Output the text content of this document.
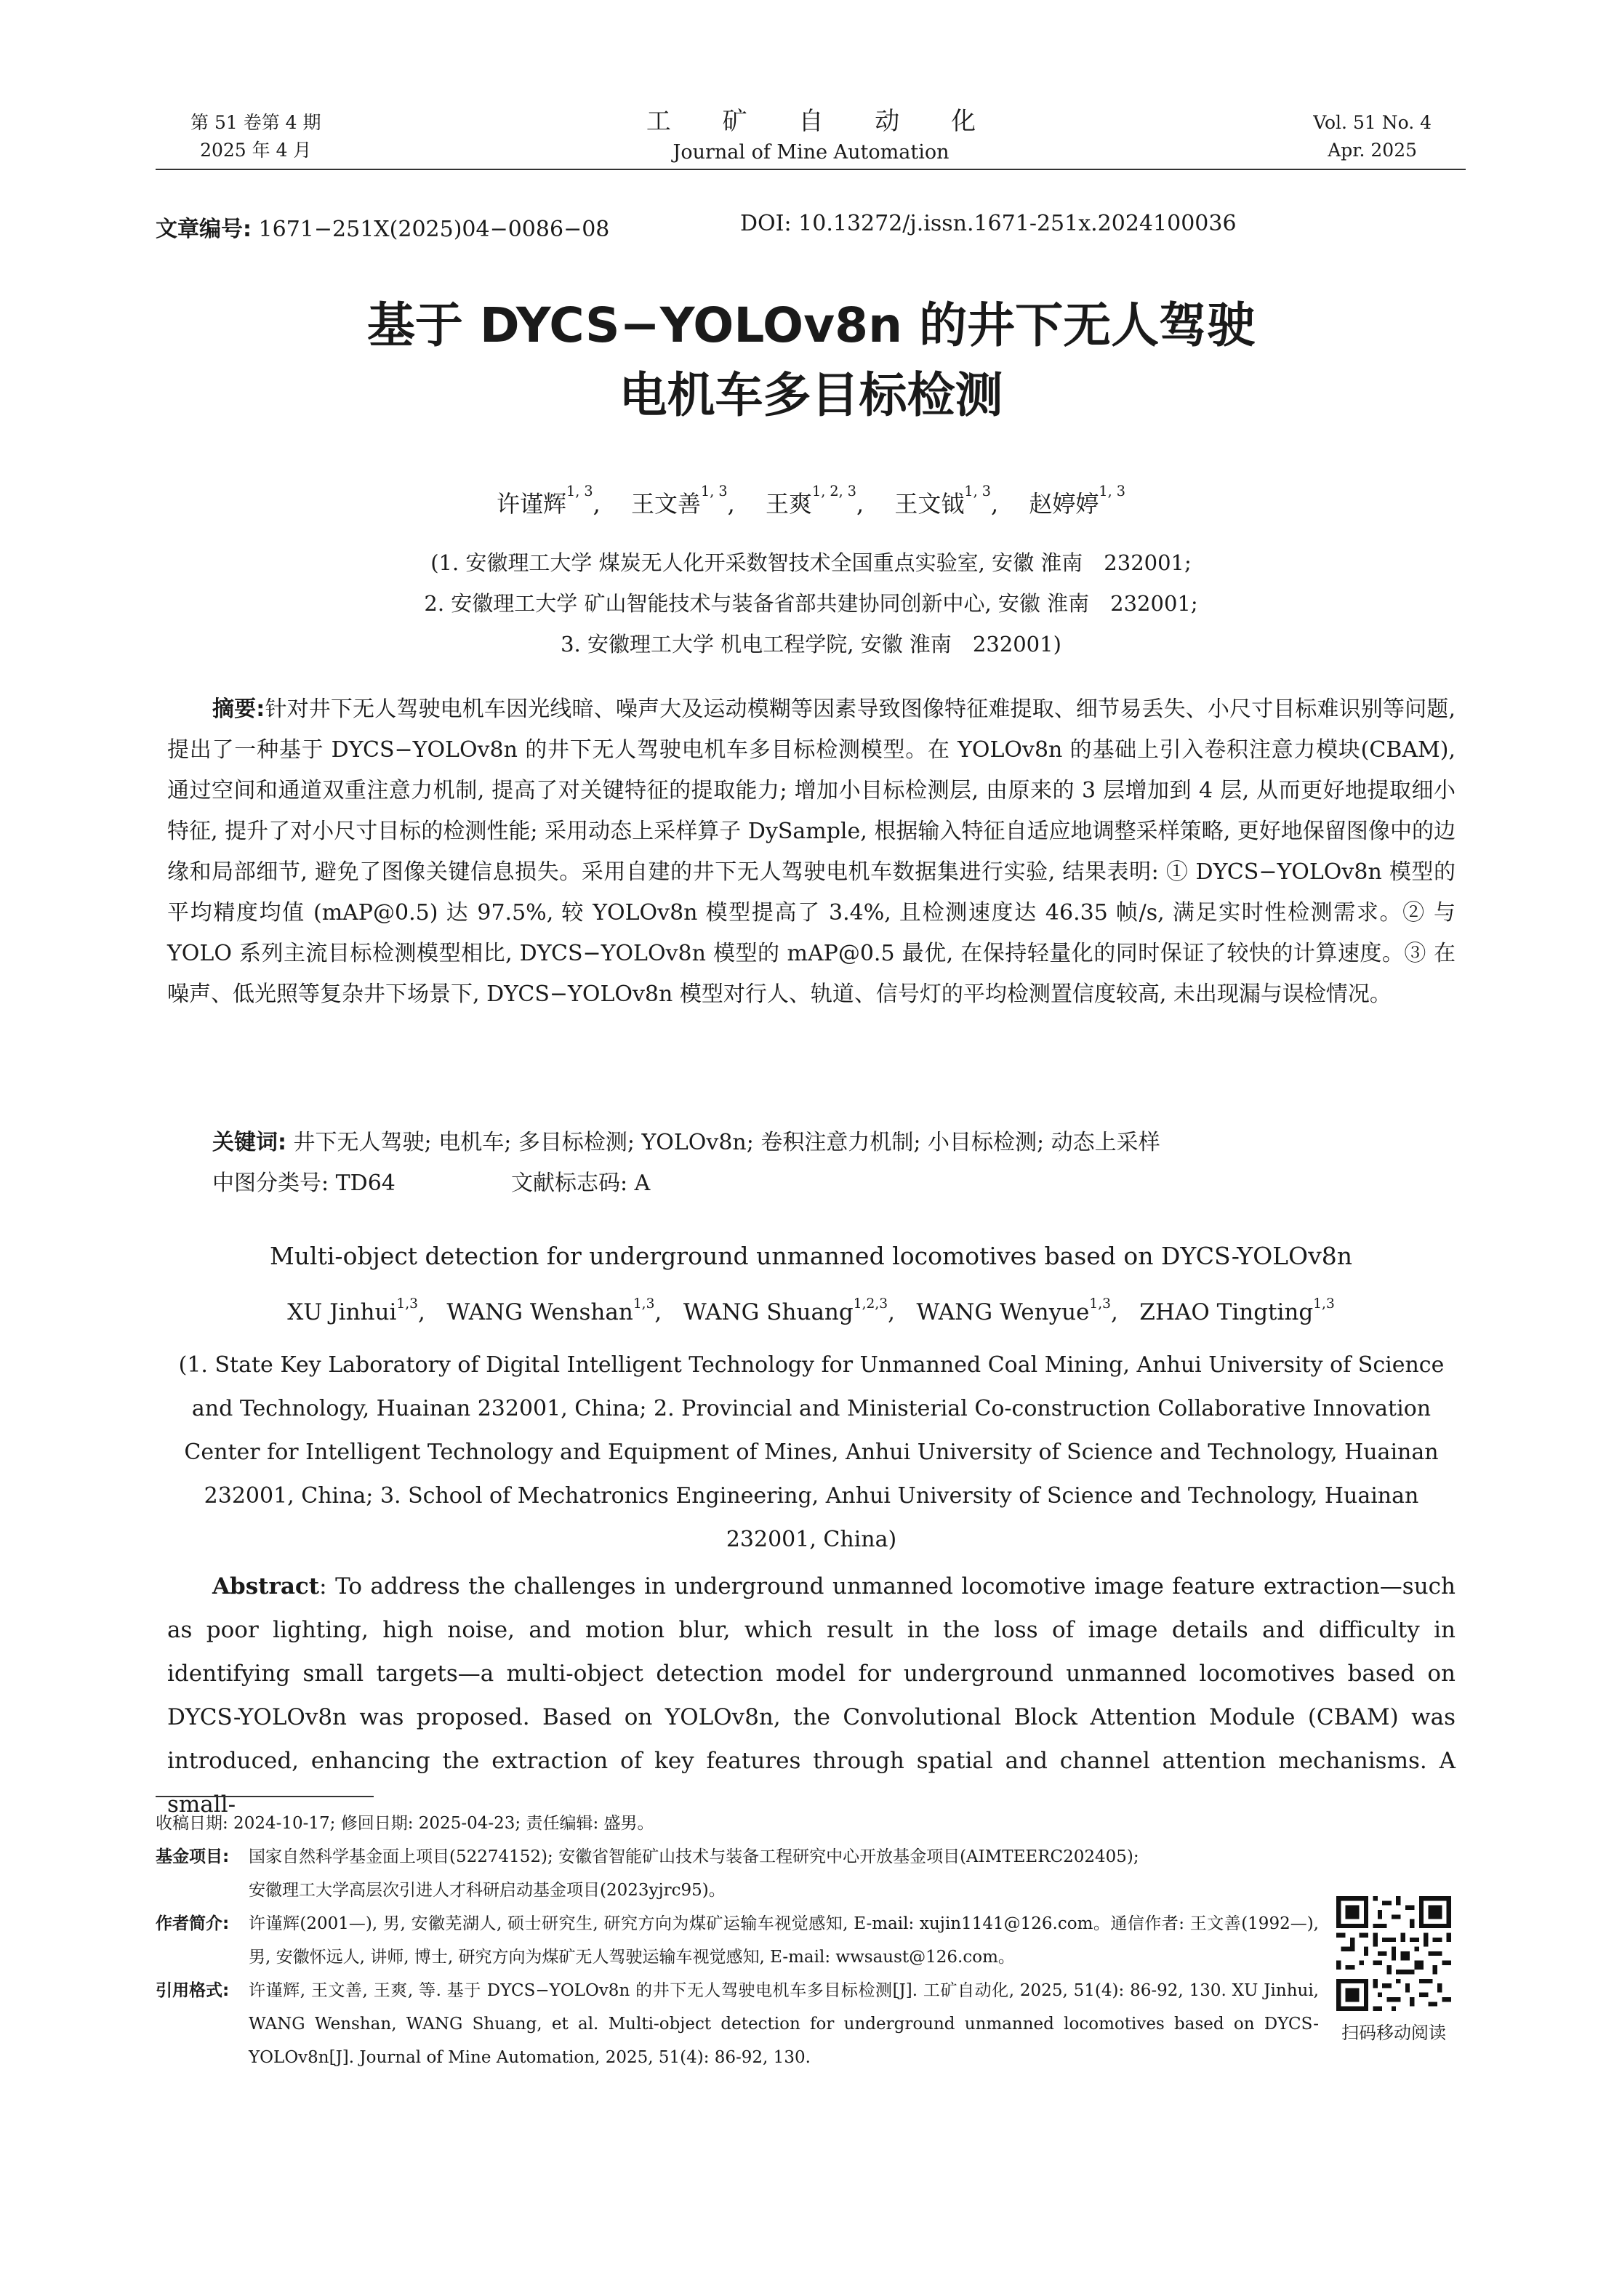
第 51 卷第 4 期
2025 年 4 月
工 矿 自 动 化
Journal of Mine Automation
Vol. 51 No. 4
Apr. 2025
文章编号: 1671−251X(2025)04−0086−08	DOI: 10.13272/j.issn.1671-251x.2024100036
基于 DYCS−YOLOv8n 的井下无人驾驶
电机车多目标检测
许谨辉$^{1, 3}$,　 王文善$^{1, 3}$,　 王爽$^{1, 2, 3}$,　 王文钺$^{1, 3}$,　 赵婷婷$^{1, 3}$
(1. 安徽理工大学 煤炭无人化开采数智技术全国重点实验室, 安徽 淮南　232001;
2. 安徽理工大学 矿山智能技术与装备省部共建协同创新中心, 安徽 淮南　232001;
3. 安徽理工大学 机电工程学院, 安徽 淮南　232001)
摘要:针对井下无人驾驶电机车因光线暗、噪声大及运动模糊等因素导致图像特征难提取、细节易丢失、小尺寸目标难识别等问题, 提出了一种基于 DYCS−YOLOv8n 的井下无人驾驶电机车多目标检测模型。在 YOLOv8n 的基础上引入卷积注意力模块(CBAM), 通过空间和通道双重注意力机制, 提高了对关键特征的提取能力; 增加小目标检测层, 由原来的 3 层增加到 4 层, 从而更好地提取细小特征, 提升了对小尺寸目标的检测性能; 采用动态上采样算子 DySample, 根据输入特征自适应地调整采样策略, 更好地保留图像中的边缘和局部细节, 避免了图像关键信息损失。采用自建的井下无人驾驶电机车数据集进行实验, 结果表明: ① DYCS−YOLOv8n 模型的平均精度均值 (mAP@0.5) 达 97.5%, 较 YOLOv8n 模型提高了 3.4%, 且检测速度达 46.35 帧/s, 满足实时性检测需求。② 与 YOLO 系列主流目标检测模型相比, DYCS−YOLOv8n 模型的 mAP@0.5 最优, 在保持轻量化的同时保证了较快的计算速度。③ 在噪声、低光照等复杂井下场景下, DYCS−YOLOv8n 模型对行人、轨道、信号灯的平均检测置信度较高, 未出现漏与误检情况。
关键词: 井下无人驾驶; 电机车; 多目标检测; YOLOv8n; 卷积注意力机制; 小目标检测; 动态上采样
中图分类号: TD64	文献标志码: A
Multi-object detection for underground unmanned locomotives based on DYCS-YOLOv8n
XU Jinhui$^{1,3}$,   WANG Wenshan$^{1,3}$,   WANG Shuang$^{1,2,3}$,   WANG Wenyue$^{1,3}$,   ZHAO Tingting$^{1,3}$
(1. State Key Laboratory of Digital Intelligent Technology for Unmanned Coal Mining, Anhui University of Science and Technology, Huainan 232001, China; 2. Provincial and Ministerial Co-construction Collaborative Innovation Center for Intelligent Technology and Equipment of Mines, Anhui University of Science and Technology, Huainan 232001, China; 3. School of Mechatronics Engineering, Anhui University of Science and Technology, Huainan 232001, China)
Abstract: To address the challenges in underground unmanned locomotive image feature extraction—such as poor lighting, high noise, and motion blur, which result in the loss of image details and difficulty in identifying small targets—a multi-object detection model for underground unmanned locomotives based on DYCS-YOLOv8n was proposed. Based on YOLOv8n, the Convolutional Block Attention Module (CBAM) was introduced, enhancing the extraction of key features through spatial and channel attention mechanisms. A small-
收稿日期: 2024-10-17; 修回日期: 2025-04-23; 责任编辑: 盛男。
基金项目: 国家自然科学基金面上项目(52274152); 安徽省智能矿山技术与装备工程研究中心开放基金项目(AIMTEERC202405);
安徽理工大学高层次引进人才科研启动基金项目(2023yjrc95)。
作者简介: 许谨辉(2001—), 男, 安徽芜湖人, 硕士研究生, 研究方向为煤矿运输车视觉感知, E-mail: xujin1141@126.com。通信作者: 王文善(1992—), 男, 安徽怀远人, 讲师, 博士, 研究方向为煤矿无人驾驶运输车视觉感知, E-mail: wwsaust@126.com。
引用格式: 许谨辉, 王文善, 王爽, 等. 基于 DYCS−YOLOv8n 的井下无人驾驶电机车多目标检测[J]. 工矿自动化, 2025, 51(4): 86-92, 130. XU Jinhui, WANG Wenshan, WANG Shuang, et al. Multi-object detection for underground unmanned locomotives based on DYCS-YOLOv8n[J]. Journal of Mine Automation, 2025, 51(4): 86-92, 130.
扫码移动阅读
